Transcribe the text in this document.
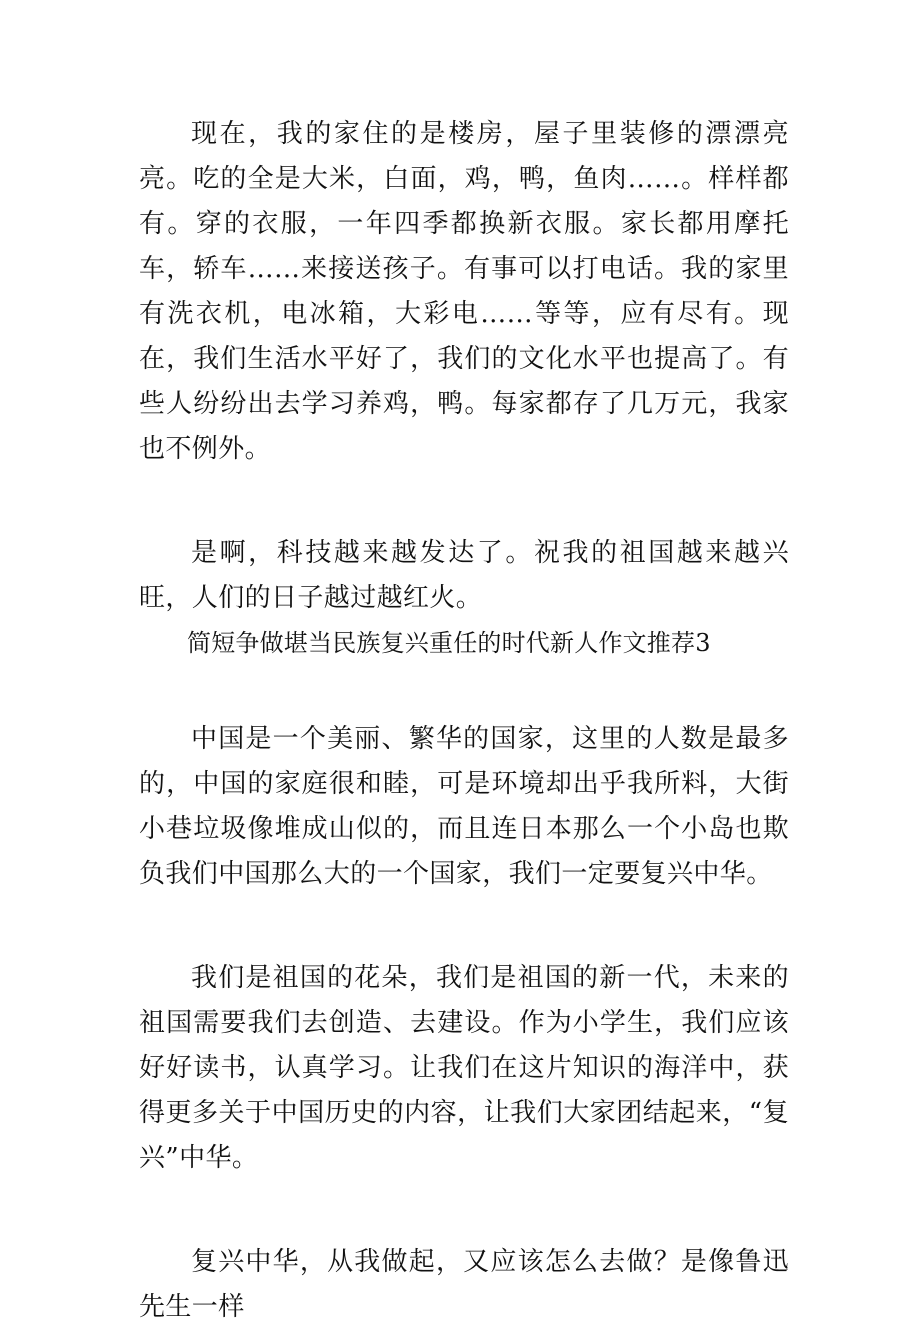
现在，我的家住的是楼房，屋子里装修的漂漂亮亮。吃的全是大米，白面，鸡，鸭，鱼肉……。样样都有。穿的衣服，一年四季都换新衣服。家长都用摩托车，轿车……来接送孩子。有事可以打电话。我的家里有洗衣机，电冰箱，大彩电……等等，应有尽有。现在，我们生活水平好了，我们的文化水平也提高了。有些人纷纷出去学习养鸡，鸭。每家都存了几万元，我家也不例外。

是啊，科技越来越发达了。祝我的祖国越来越兴旺，人们的日子越过越红火。

简短争做堪当民族复兴重任的时代新人作文推荐3

中国是一个美丽、繁华的国家，这里的人数是最多的，中国的家庭很和睦，可是环境却出乎我所料，大街小巷垃圾像堆成山似的，而且连日本那么一个小岛也欺负我们中国那么大的一个国家，我们一定要复兴中华。

我们是祖国的花朵，我们是祖国的新一代，未来的祖国需要我们去创造、去建设。作为小学生，我们应该好好读书，认真学习。让我们在这片知识的海洋中，获得更多关于中国历史的内容，让我们大家团结起来，“复兴”中华。

复兴中华，从我做起，又应该怎么去做？是像鲁迅先生一样
